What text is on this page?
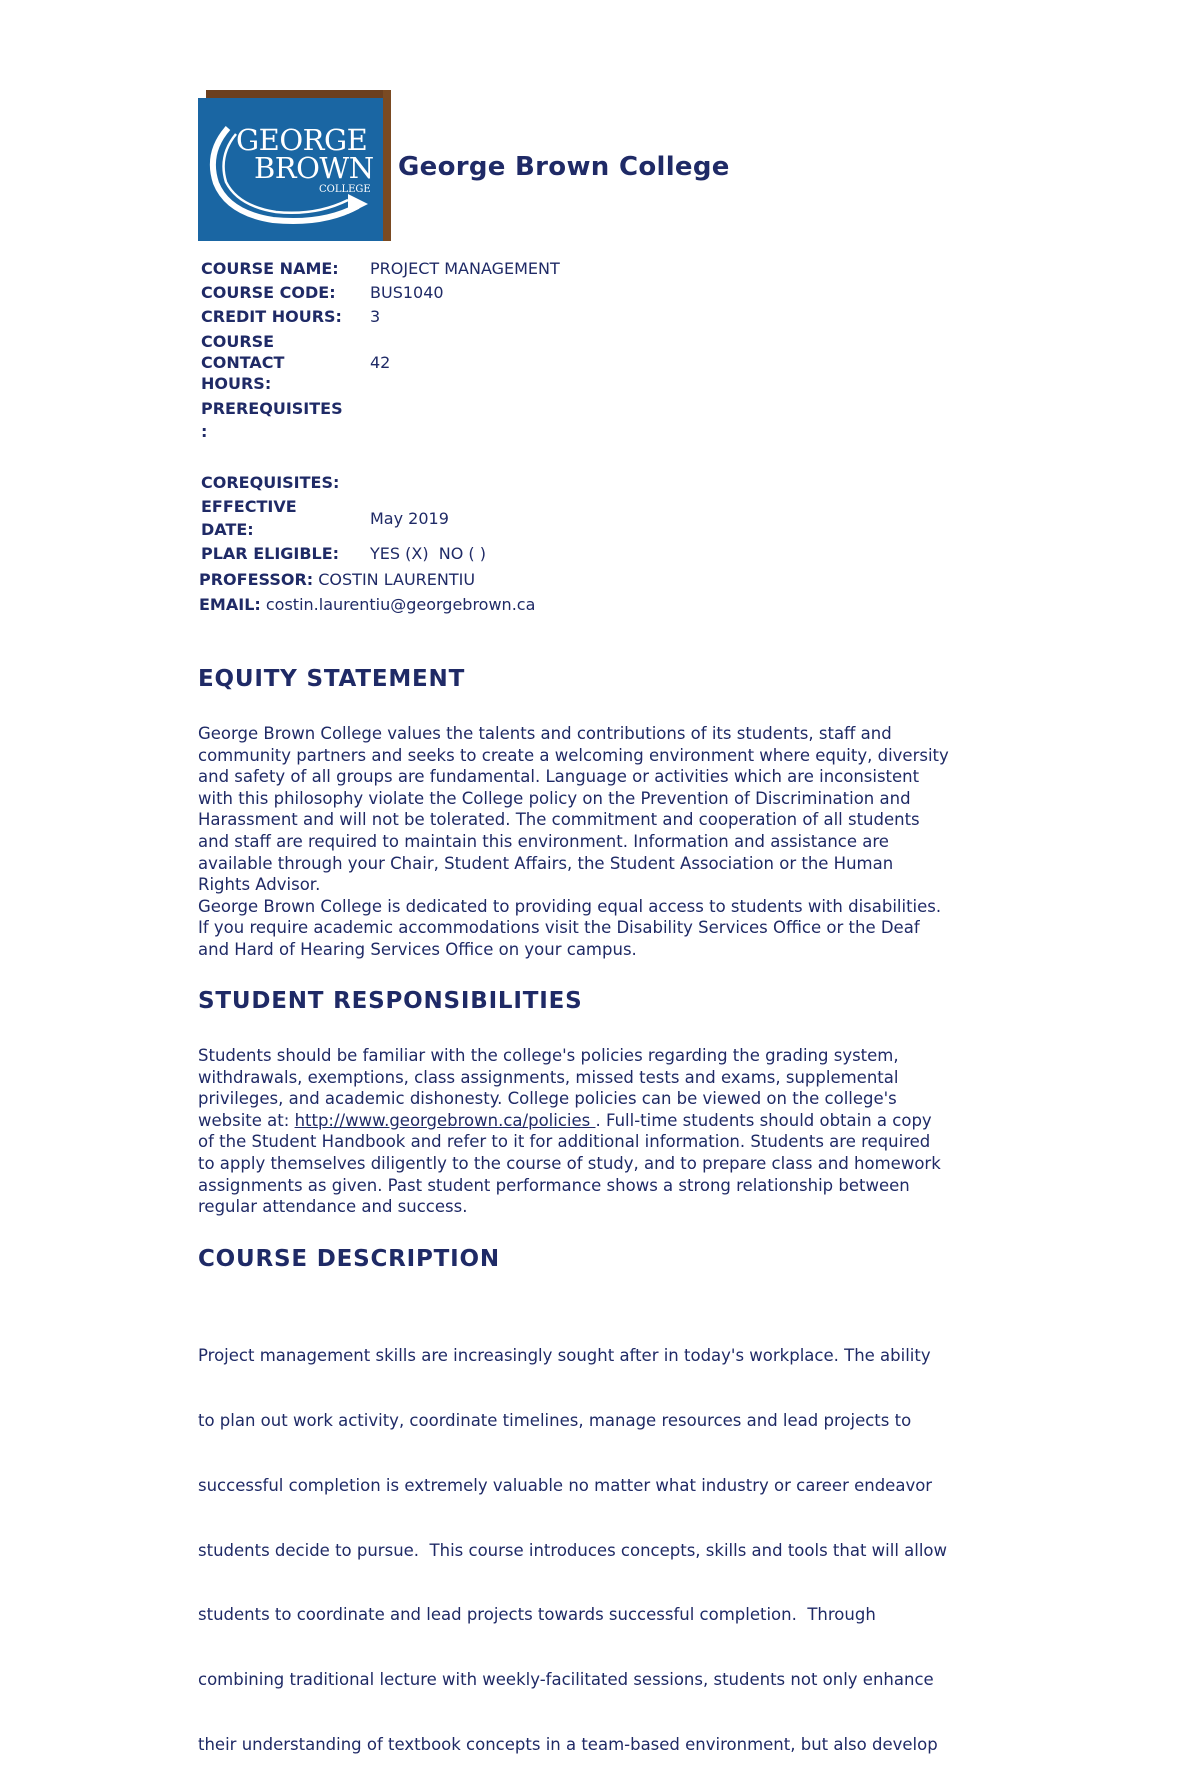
GEORGE
BROWN
COLLEGE
George Brown College
COURSE NAME: PROJECT MANAGEMENT
COURSE CODE: BUS1040
CREDIT HOURS: 3
COURSE
CONTACT
HOURS:
42
PREREQUISITES
:
COREQUISITES:
EFFECTIVE
DATE:
May 2019
PLAR ELIGIBLE: YES (X)  NO ( )
PROFESSOR: COSTIN LAURENTIU
EMAIL: costin.laurentiu@georgebrown.ca
EQUITY STATEMENT

George Brown College values the talents and contributions of its students, staff and

community partners and seeks to create a welcoming environment where equity, diversity

and safety of all groups are fundamental. Language or activities which are inconsistent

with this philosophy violate the College policy on the Prevention of Discrimination and

Harassment and will not be tolerated. The commitment and cooperation of all students

and staff are required to maintain this environment. Information and assistance are

available through your Chair, Student Affairs, the Student Association or the Human

Rights Advisor.

George Brown College is dedicated to providing equal access to students with disabilities.

If you require academic accommodations visit the Disability Services Office or the Deaf

and Hard of Hearing Services Office on your campus.

STUDENT RESPONSIBILITIES

Students should be familiar with the college's policies regarding the grading system,

withdrawals, exemptions, class assignments, missed tests and exams, supplemental

privileges, and academic dishonesty. College policies can be viewed on the college's

website at: http://www.georgebrown.ca/policies . Full-time students should obtain a copy

of the Student Handbook and refer to it for additional information. Students are required

to apply themselves diligently to the course of study, and to prepare class and homework

assignments as given. Past student performance shows a strong relationship between

regular attendance and success.

COURSE DESCRIPTION

Project management skills are increasingly sought after in today's workplace. The ability

to plan out work activity, coordinate timelines, manage resources and lead projects to

successful completion is extremely valuable no matter what industry or career endeavor

students decide to pursue.  This course introduces concepts, skills and tools that will allow

students to coordinate and lead projects towards successful completion.  Through

combining traditional lecture with weekly-facilitated sessions, students not only enhance

their understanding of textbook concepts in a team-based environment, but also develop
